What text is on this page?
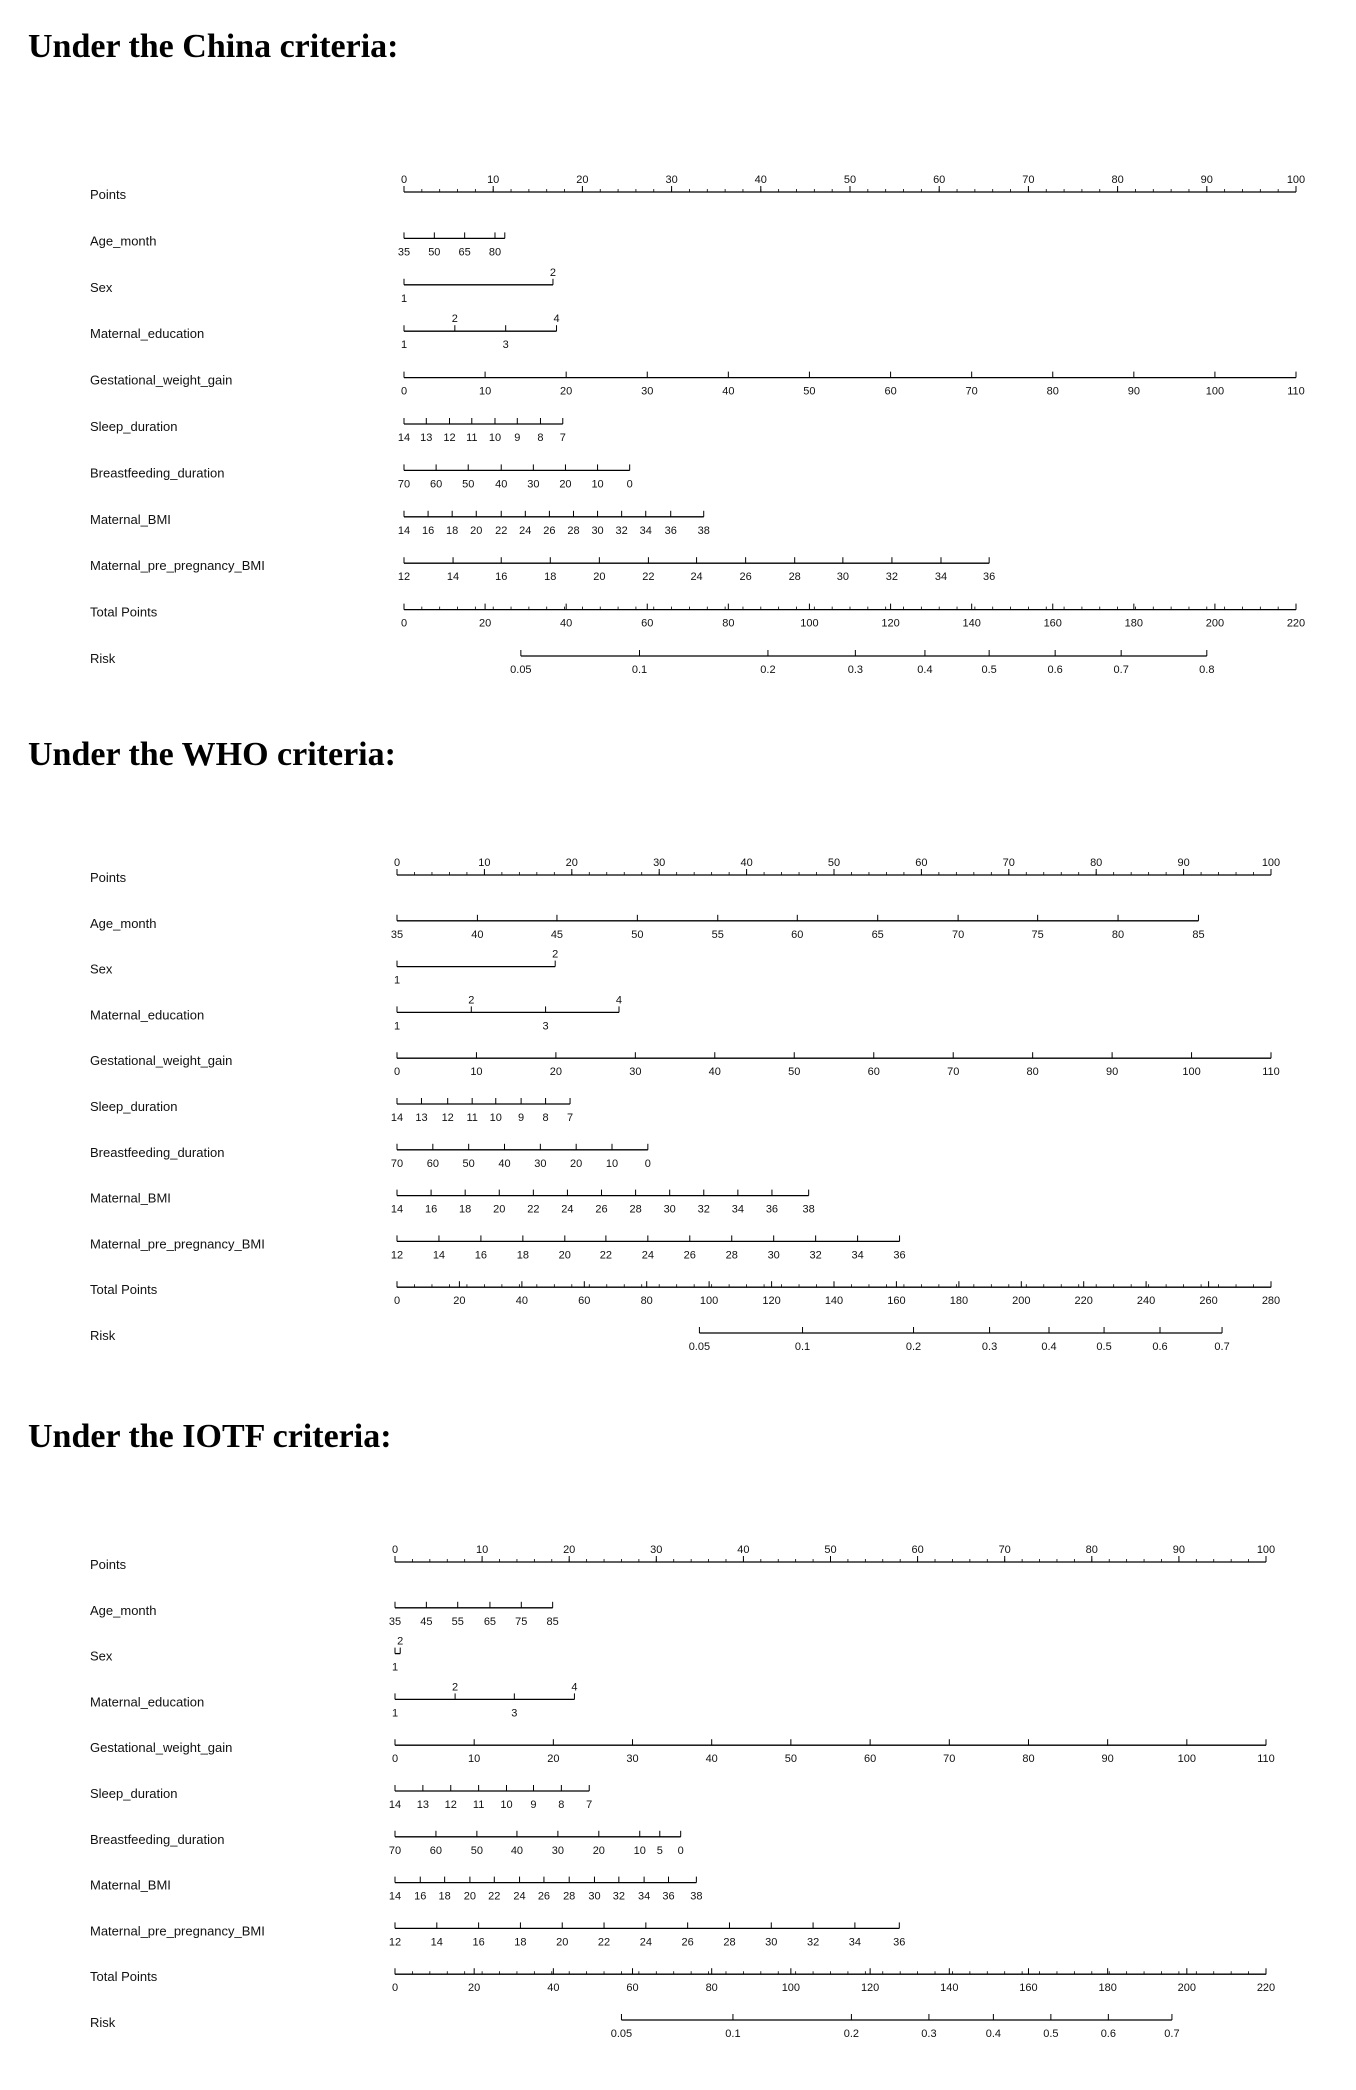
Under the China criteria:
Points
0	10	20	30	40	50	60	70	80	90	100
Age_month
35 50 65 80
Sex
1
2
Maternal_education
1
2
3
4
Gestational_weight_gain
0	10	20	30	40	50	60	70	80	90	100	110
Sleep_duration
14 13 12 11 10 9 8 7
Breastfeeding_duration
70 60 50 40 30 20 10 0
Maternal_BMI
14 16 18 20 22 24 26 28 30 32 34 36 38
Maternal_pre_pregnancy_BMI
12	14	16	18	20	22	24	26	28	30	32	34	36
Total Points
0	20	40	60	80	100	120	140	160	180	200	220
Risk
0.05	0.1	0.2	0.3	0.4	0.5	0.6	0.7	0.8
Under the WHO criteria:
Points
0	10	20	30	40	50	60	70	80	90	100
Age_month
35	40	45	50	55	60	65	70	75	80	85
Sex
1
2
Maternal_education
1
2
3
4
Gestational_weight_gain
0	10	20	30	40	50	60	70	80	90	100	110
Sleep_duration
14 13 12 11 10 9 8 7
Breastfeeding_duration
70 60 50 40 30 20 10 0
Maternal_BMI
14 16 18 20 22 24 26 28 30 32 34 36 38
Maternal_pre_pregnancy_BMI
12	14	16	18	20	22	24	26	28	30	32	34	36
Total Points
0	20	40	60	80	100	120	140	160	180	200	220	240	260	280
Risk
0.05	0.1	0.2	0.3	0.4	0.5	0.6	0.7
Under the IOTF criteria:
Points
0	10	20	30	40	50	60	70	80	90	100
Age_month
35 45 55 65 75 85
Sex
1
2
Maternal_education
1
2
3
4
Gestational_weight_gain
0	10	20	30	40	50	60	70	80	90	100	110
Sleep_duration
14 13 12 11 10 9 8 7
Breastfeeding_duration
70	60	50	40	30	20	10 5 0
Maternal_BMI
14 16 18 20 22 24 26 28 30 32 34 36 38
Maternal_pre_pregnancy_BMI
12	14	16	18	20	22	24	26	28	30	32	34	36
Total Points
0	20	40	60	80	100	120	140	160	180	200	220
Risk
0.05	0.1	0.2	0.3	0.4	0.5	0.6	0.7
